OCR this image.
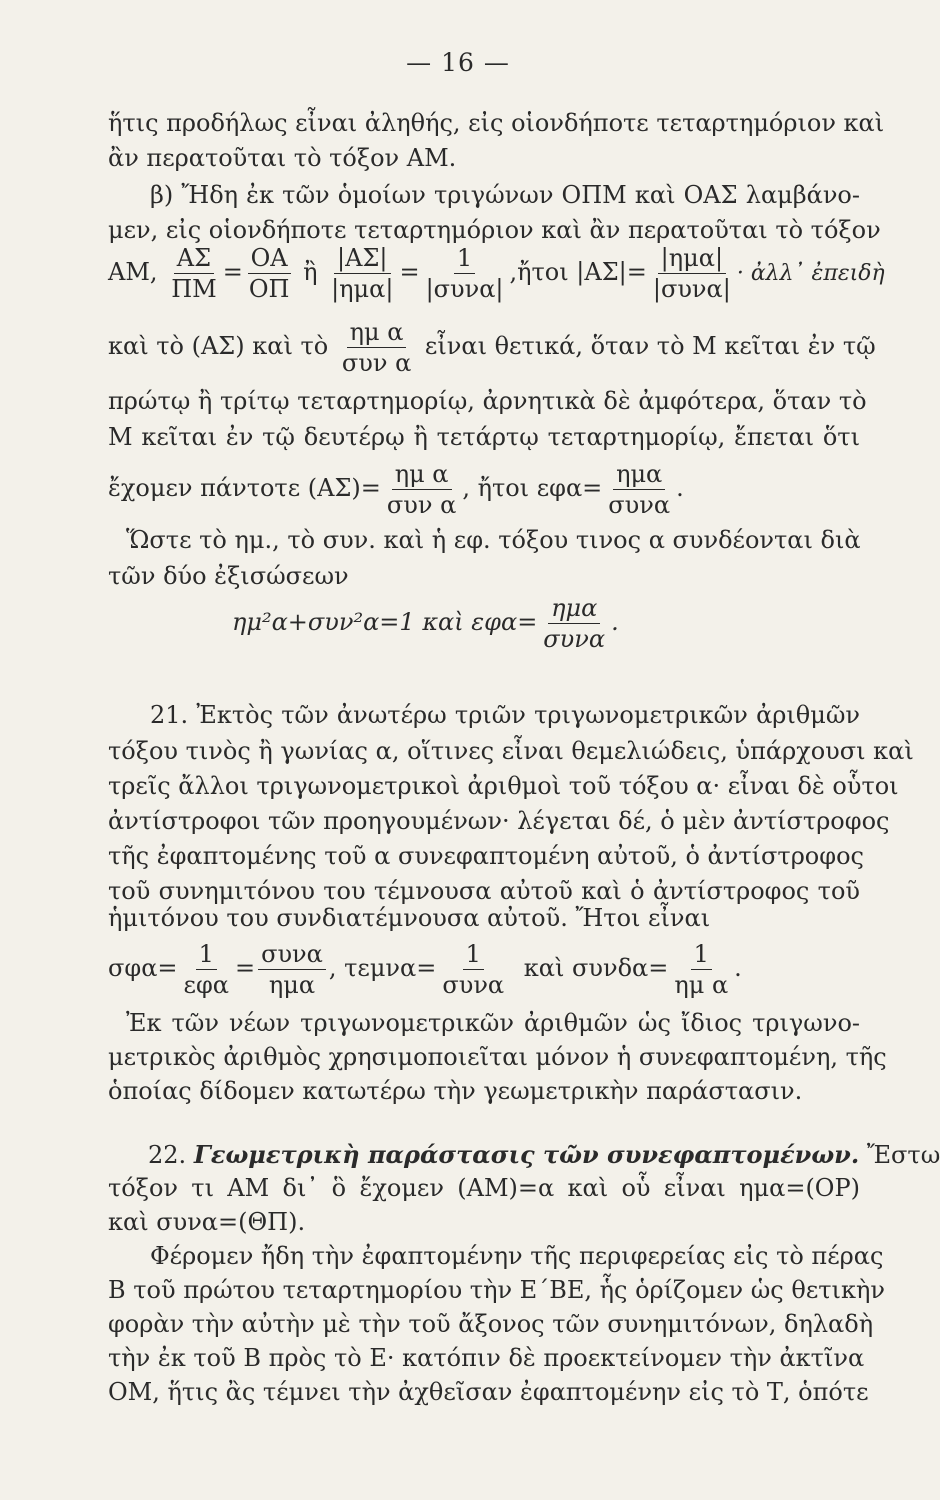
— 16 —
ἥτις προδήλως εἶναι ἀληθής, εἰς οἱονδήποτε τεταρτημόριον καὶ
ἂν περατοῦται τὸ τόξον ΑΜ.
β) Ἤδη ἐκ τῶν ὁμοίων τριγώνων ΟΠΜ καὶ ΟΑΣ λαμβάνο-
μεν, εἰς οἱονδήποτε τεταρτημόριον καὶ ἂν περατοῦται τὸ τόξον
ΑΜ, $\frac{A\Sigma}{\Pi M} = \frac{OA}{O\Pi}$ ἢ $\frac{|A\Sigma|}{\text{|ημα|}} = \frac{1}{\text{|συνα|}}$ ,ἤτοι $|A\Sigma|= \frac{\text{|ημα|}}{\text{|συνα|}}$ · ἀλλ᾽ ἐπειδὴ
καὶ τὸ (ΑΣ) καὶ τὸ $\frac{\text{ημ α}}{\text{συν α}}$ εἶναι θετικά, ὅταν τὸ Μ κεῖται ἐν τῷ
πρώτῳ ἢ τρίτῳ τεταρτημορίῳ, ἀρνητικὰ δὲ ἀμφότερα, ὅταν τὸ
Μ κεῖται ἐν τῷ δευτέρῳ ἢ τετάρτῳ τεταρτημορίῳ, ἔπεται ὅτι
ἔχομεν πάντοτε $(A\Sigma)= \frac{\text{ημ α}}{\text{συν α}}$ , ἤτοι $\varepsilon\varphi\alpha= \frac{\text{ημα}}{\text{συνα}}$ .
Ὥστε τὸ ημ., τὸ συν. καὶ ἡ εφ. τόξου τινος α συνδέονται διὰ
τῶν δύο ἐξισώσεων
ημ²α+συν²α=1 καὶ $\varepsilon\varphi\alpha= \frac{\text{ημα}}{\text{συνα}}$ .
21. Ἐκτὸς τῶν ἀνωτέρω τριῶν τριγωνομετρικῶν ἀριθμῶν
τόξου τινὸς ἢ γωνίας α, οἵτινες εἶναι θεμελιώδεις, ὑπάρχουσι καὶ
τρεῖς ἄλλοι τριγωνομετρικοὶ ἀριθμοὶ τοῦ τόξου α· εἶναι δὲ οὗτοι
ἀντίστροφοι τῶν προηγουμένων· λέγεται δέ, ὁ μὲν ἀντίστροφος
τῆς ἐφαπτομένης τοῦ α συνεφαπτομένη αὐτοῦ, ὁ ἀντίστροφος
τοῦ συνημιτόνου του τέμνουσα αὐτοῦ καὶ ὁ ἀντίστροφος τοῦ
ἡμιτόνου του συνδιατέμνουσα αὐτοῦ. Ἤτοι εἶναι
$\sigma\varphi\alpha= \frac{1}{\text{εφα}} = \frac{\text{συνα}}{\text{ημα}}$ , $\tau\varepsilon\mu\nu\alpha= \frac{1}{\text{συνα}}$ καὶ $\sigma\upsilon\nu\delta\alpha= \frac{1}{\text{ημ α}}$ .
Ἐκ τῶν νέων τριγωνομετρικῶν ἀριθμῶν ὡς ἴδιος τριγωνο-
μετρικὸς ἀριθμὸς χρησιμοποιεῖται μόνον ἡ συνεφαπτομένη, τῆς
ὁποίας δίδομεν κατωτέρω τὴν γεωμετρικὴν παράστασιν.
22. Γεωμετρικὴ παράστασις τῶν συνεφαπτομένων. Ἔστω
τόξον τι ΑΜ δι᾽ ὃ ἔχομεν (ΑΜ)=α καὶ οὗ εἶναι ημα=(ΟΡ)
καὶ συνα=(ΘΠ).
Φέρομεν ἤδη τὴν ἐφαπτομένην τῆς περιφερείας εἰς τὸ πέρας
Β τοῦ πρώτου τεταρτημορίου τὴν Ε΄ΒΕ, ἧς ὁρίζομεν ὡς θετικὴν
φορὰν τὴν αὐτὴν μὲ τὴν τοῦ ἄξονος τῶν συνημιτόνων, δηλαδὴ
τὴν ἐκ τοῦ Β πρὸς τὸ Ε· κατόπιν δὲ προεκτείνομεν τὴν ἀκτῖνα
ΟΜ, ἥτις ἂς τέμνει τὴν ἀχθεῖσαν ἐφαπτομένην εἰς τὸ Τ, ὁπότε
